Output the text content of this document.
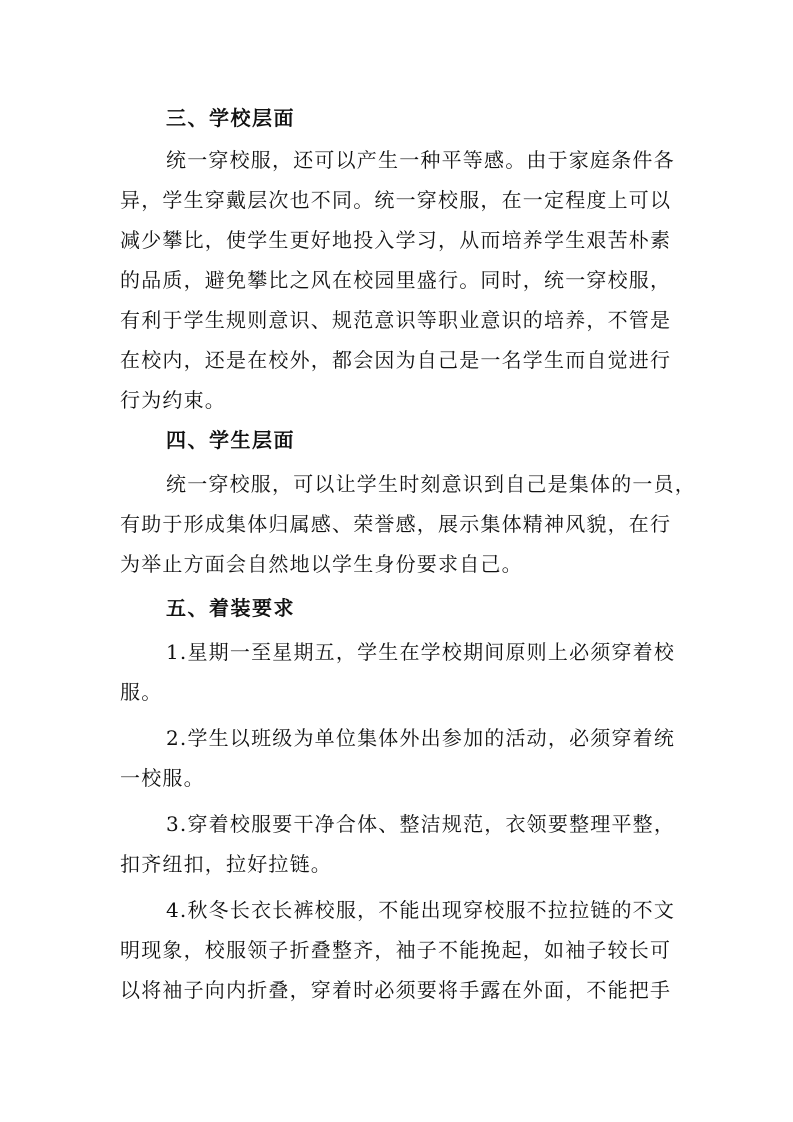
三、学校层面
统一穿校服，还可以产生一种平等感。由于家庭条件各
异，学生穿戴层次也不同。统一穿校服，在一定程度上可以
减少攀比，使学生更好地投入学习，从而培养学生艰苦朴素
的品质，避免攀比之风在校园里盛行。同时，统一穿校服，
有利于学生规则意识、规范意识等职业意识的培养，不管是
在校内，还是在校外，都会因为自己是一名学生而自觉进行
行为约束。
四、学生层面
统一穿校服，可以让学生时刻意识到自己是集体的一员，
有助于形成集体归属感、荣誉感，展示集体精神风貌，在行
为举止方面会自然地以学生身份要求自己。
五、着装要求
1.星期一至星期五，学生在学校期间原则上必须穿着校
服。
2.学生以班级为单位集体外出参加的活动，必须穿着统
一校服。
3.穿着校服要干净合体、整洁规范，衣领要整理平整，
扣齐纽扣，拉好拉链。
4.秋冬长衣长裤校服，不能出现穿校服不拉拉链的不文
明现象，校服领子折叠整齐，袖子不能挽起，如袖子较长可
以将袖子向内折叠，穿着时必须要将手露在外面，不能把手
